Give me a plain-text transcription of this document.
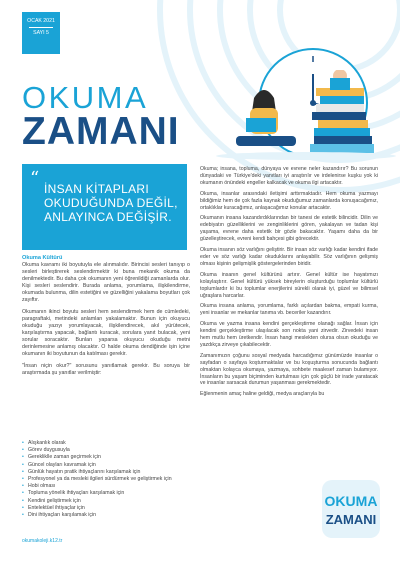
OCAK 2021
SAYI 5
OKUMA
ZAMANI
“ İNSAN KİTAPLARI OKUDUĞUNDA DEĞİL, ANLAYINCA DEĞİŞİR.
Okuma Kültürü

Okuma kavramı iki boyutuyla ele alınmalıdır. Birincisi sesleri tanıyıp o sesleri birleştirerek seslendirmektir ki buna mekanik okuma da denilmektedir. Bu daha çok okumanın yeni öğrenildiği zamanlarda olur. Kişi sesleri seslendirir. Burada anlama, yorumlama, ilişkilendirme, okumada bulunma, dilin estetiğini ve güzelliğini yakalama boyutları çok zayıftır.

Okumanın ikinci boyutu sesleri hem seslendirmek hem de cümledeki, paragraftaki, metindeki anlamları yakalamaktır. Bunun için okuyucu okuduğu yazıyı yorumlayacak, ilişkilendirecek, akıl yürütecek, karşılaştırma yapacak, bağlantı kuracak, sorulara yanıt bulacak, yeni sorular soracaktır. Bunları yaparsa okuyucu okuduğu metni derinlemesine anlamış olacaktır. O halde okuma dendiğinde işin içine okumanın iki boyutunun da katılması gerekir.

"İnsan niçin okur?" sorusunu yanıtlamak gerekir. Bu soruya bir araştırmada şu yanıtlar verilmiştir:

• Alışkanlık olarak
• Görev duygusuyla
• Gerekliklle zaman geçirmek için
• Güncel olayları kavramak için
• Günlük hayatın pratik ihtiyaçlarını karşılamak için
• Profesyonel ya da mesleki ilgileri sürdürmek ve geliştirmek için
• Hobi olması
• Topluma yönelik ihtiyaçları karşılamak için
• Kendini geliştirmek için
• Entelektüel ihtiyaçlar için
• Dini ihtiyaçları karşılamak için
okumakoleji.k12.tr

Okuma; insana, topluma, dünyaya ve evrene neler kazandırır? Bu sorunun dünyadaki ve Türkiye'deki yanıtları iyi araştırılır ve irdelenirse kuşku yok ki okumanın önündeki engeller kalkacak ve okuma ilgi artacaktır.

Okuma, insanlar arasındaki iletişimi arttırmaktadır. Hem okuma yazmayı bildiğimiz hem de çok fazla kaynak okuduğumuz zamanlarda konuşacağımız, ortaklıklar kuracağımız, anlaşacağımız konular artacaktır.

Okumanın insana kazandırdıklarından bir tanesi de estetik bilincidir. Dilin ve edebiyatın güzelliklerini ve zenginliklerini gören, yakalayan ve tadan kişi yaşama, evrene daha estetik bir gözle bakacaktır. Yaşamı daha da bir güzelleştirecek, evreni kendi bahçesi gibi görecektir.

Okuma insanın söz varlığını geliştirir. Bir insan söz varlığı kadar kendini ifade eder ve söz varlığı kadar okuduklarını anlayabilir. Söz varlığının gelişmiş olması kişinin gelişmişlik göstergelerinden biridir.

Okuma insanın genel kültürünü artırır. Genel kültür ise hayatımızı kolaylaştırır. Genel kültürü yüksek bireylerin oluşturduğu toplumlar kültürlü toplumlardır ki bu toplumlar enerjilerini sürekli olarak iyi, güzel ve bilimsel uğraşlara harcarlar.

Okuma insana anlama, yorumlama, farklı açılardan bakma, empati kurma, yeni insanlar ve mekanlar tanıma vb. beceriler kazandırır.

Okuma ve yazma insana kendini gerçekleştirme olanağı sağlar. İnsan için kendini gerçekleştirme ulaşılacak son nokta yani zirvedir. Zirvedeki insan hem mutlu hem üretkendir. İnsan hangi meslekten olursa olsun okuduğu ve yazdıkça zirveye çıkabilecektir.

Zamanımızın çoğunu sosyal medyada harcadığımız günümüzde insanlar o sayfadan o sayfaya koşturmaktalar ve bu koşuşturma sonucunda bağlantı olmaktan kolayca okumaya, yazmaya, sohbete maalesef zaman bulamıyor. İnsanların bu yaşam biçiminden kurtulması için çok güçlü bir irade yaratacak ve insanlar sarsacak durumun yaşanması gerekmektedir.

Eğlenmenin amaç haline geldiği, medya araçlarıyla bu

OKUMA
ZAMANI
